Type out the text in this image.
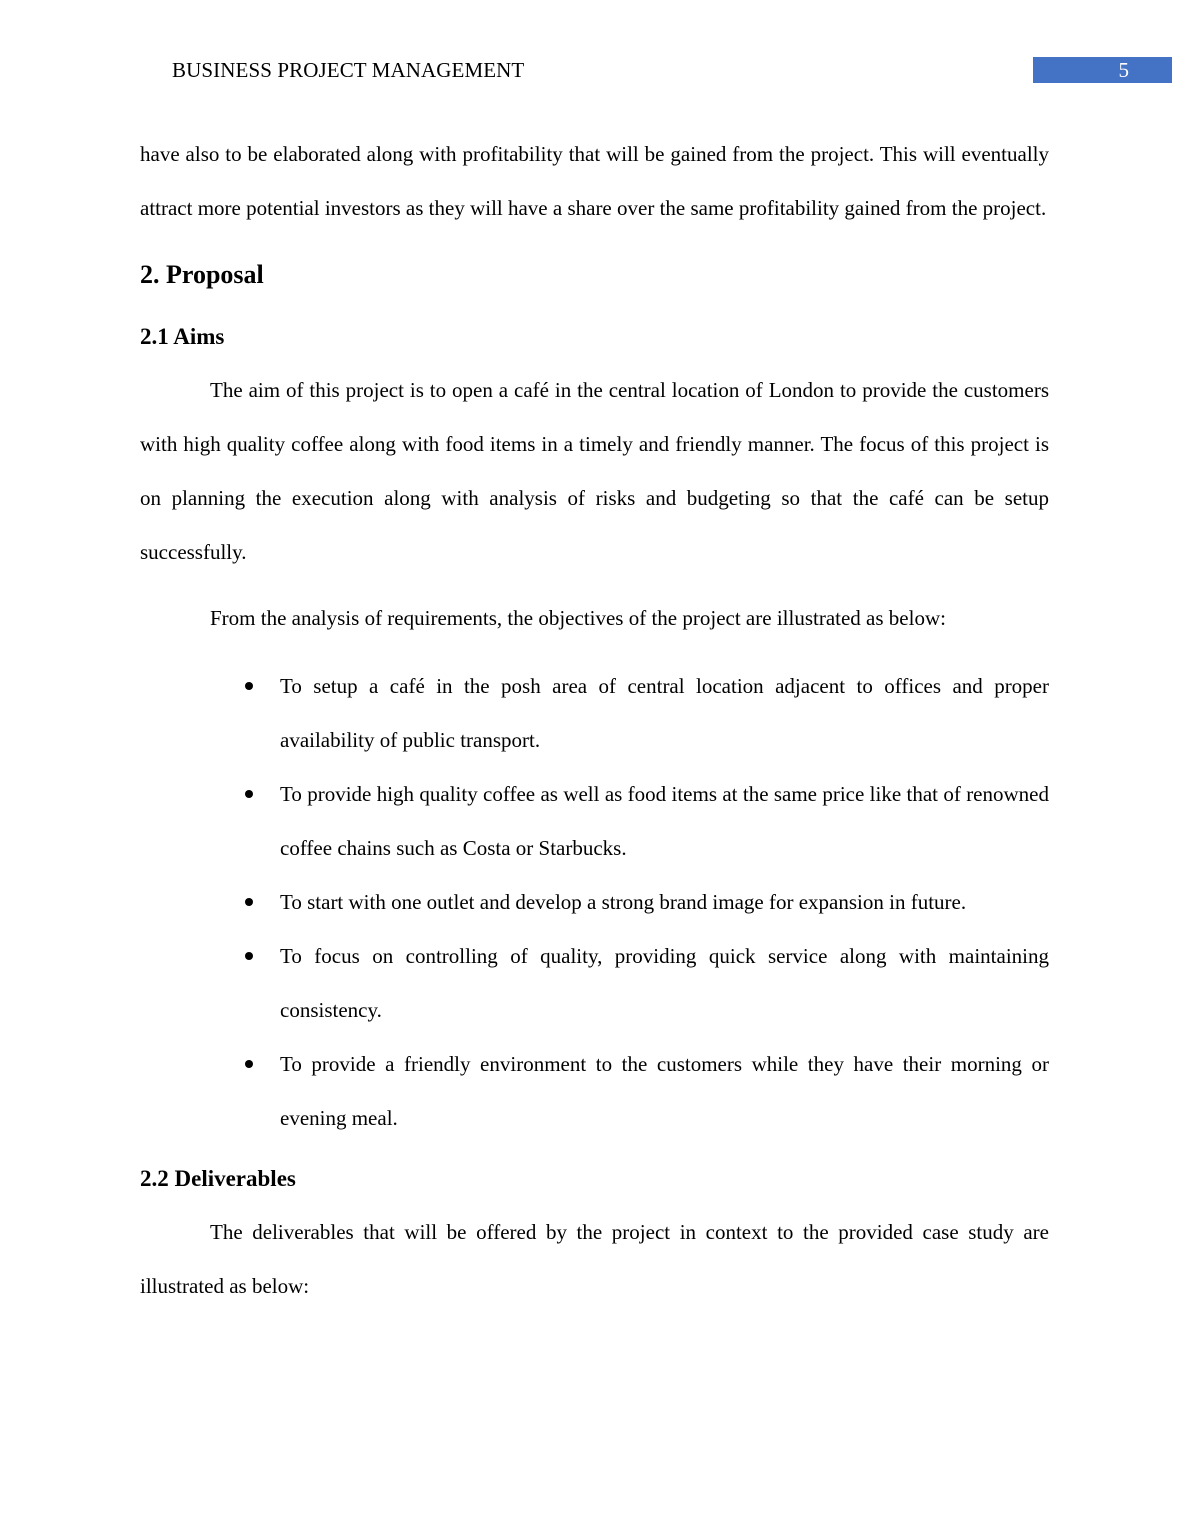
BUSINESS PROJECT MANAGEMENT	5

have also to be elaborated along with profitability that will be gained from the project. This will eventually attract more potential investors as they will have a share over the same profitability gained from the project.

2. Proposal
2.1 Aims

The aim of this project is to open a café in the central location of London to provide the customers with high quality coffee along with food items in a timely and friendly manner. The focus of this project is on planning the execution along with analysis of risks and budgeting so that the café can be setup successfully.

From the analysis of requirements, the objectives of the project are illustrated as below:

To setup a café in the posh area of central location adjacent to offices and proper availability of public transport.
To provide high quality coffee as well as food items at the same price like that of renowned coffee chains such as Costa or Starbucks.
To start with one outlet and develop a strong brand image for expansion in future.
To focus on controlling of quality, providing quick service along with maintaining consistency.
To provide a friendly environment to the customers while they have their morning or evening meal.
2.2 Deliverables

The deliverables that will be offered by the project in context to the provided case study are illustrated as below:
